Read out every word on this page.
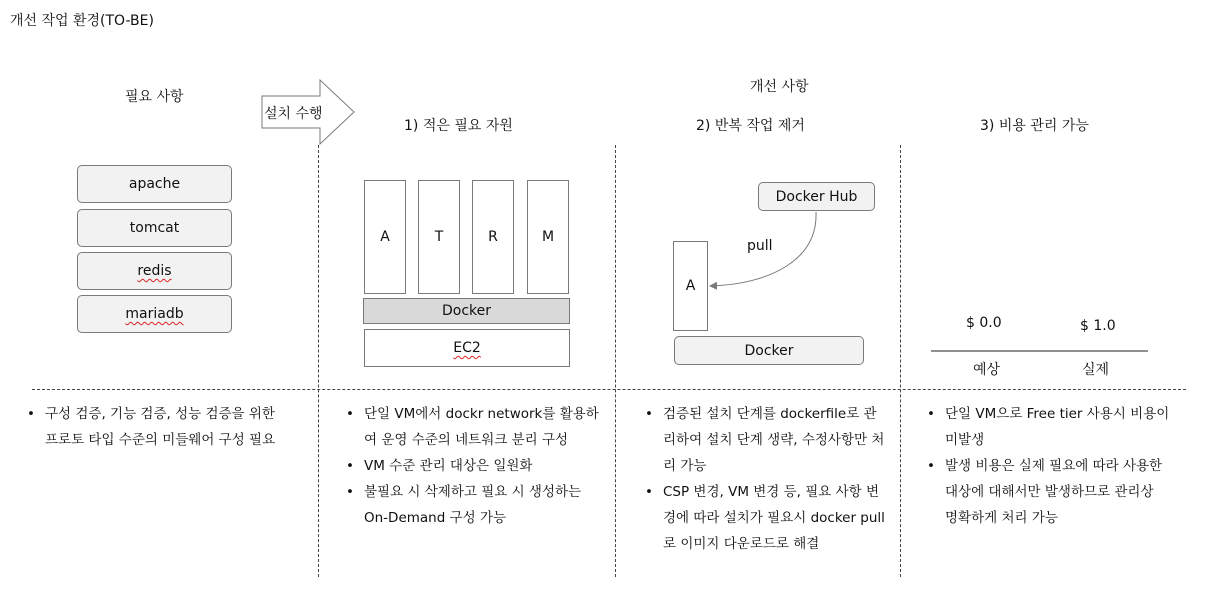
개선 작업 환경(TO-BE)
설치 수행
필요 사항
apache
tomcat
redis
mariadb
개선 사항
1) 적은 필요 자원
A	T	R	M
Docker
EC2
2) 반복 작업 제거
Docker Hub
pull
A
Docker
3) 비용 관리 가능
$ 0.0	$ 1.0
예상	실제
• 구성 검증, 기능 검증, 성능 검증을 위한 프로토 타입 수준의 미들웨어 구성 필요
• 단일 VM에서 dockr network를 활용하여 운영 수준의 네트워크 분리 구성
• VM 수준 관리 대상은 일원화
• 불필요 시 삭제하고 필요 시 생성하는 On-Demand 구성 가능
• 검증된 설치 단계를 dockerfile로 관리하여 설치 단계 생략, 수정사항만 처리 가능
• CSP 변경, VM 변경 등, 필요 사항 변경에 따라 설치가 필요시 docker pull로 이미지 다운로드로 해결
• 단일 VM으로 Free tier 사용시 비용이 미발생
• 발생 비용은 실제 필요에 따라 사용한 대상에 대해서만 발생하므로 관리상 명확하게 처리 가능
